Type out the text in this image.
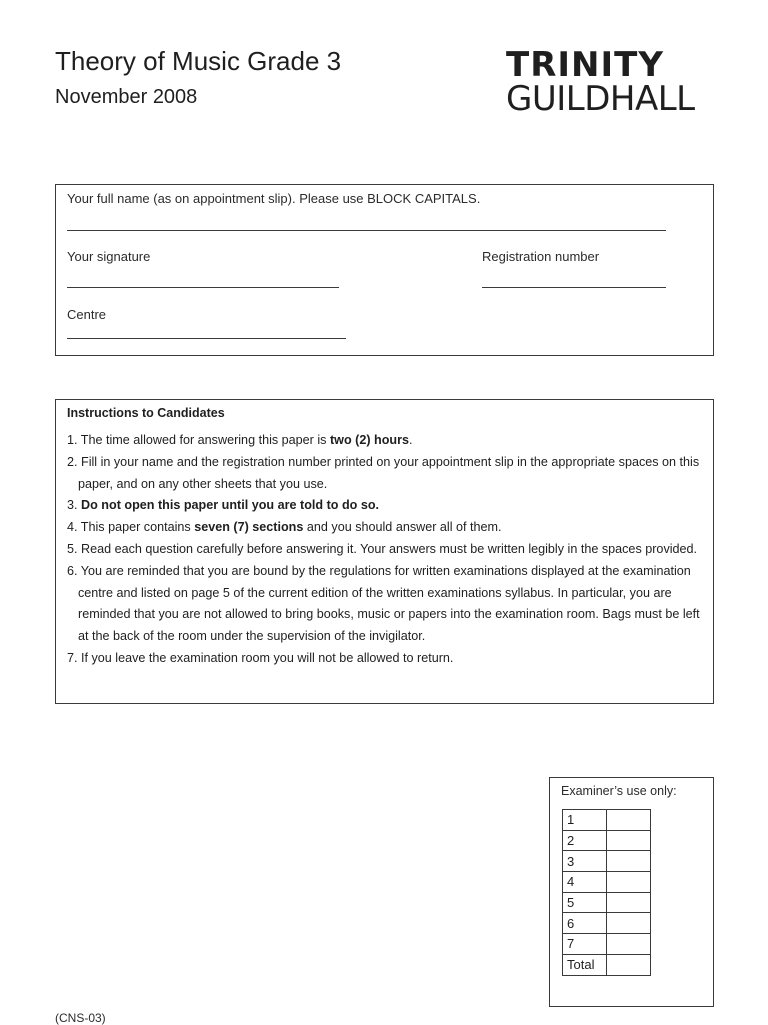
Theory of Music Grade 3
November 2008
TRINITY
GUILDHALL
Your full name (as on appointment slip). Please use BLOCK CAPITALS.
Your signature	Registration number
Centre
Instructions to Candidates
1. The time allowed for answering this paper is two (2) hours.
2. Fill in your name and the registration number printed on your appointment slip in the appropriate spaces on this paper, and on any other sheets that you use.
3. Do not open this paper until you are told to do so.
4. This paper contains seven (7) sections and you should answer all of them.
5. Read each question carefully before answering it. Your answers must be written legibly in the spaces provided.
6. You are reminded that you are bound by the regulations for written examinations displayed at the examination centre and listed on page 5 of the current edition of the written examinations syllabus. In particular, you are reminded that you are not allowed to bring books, music or papers into the examination room. Bags must be left at the back of the room under the supervision of the invigilator.
7. If you leave the examination room you will not be allowed to return.
Examiner’s use only:
1	
2	
3	
4	
5	
6	
7	
Total	
(CNS-03)
